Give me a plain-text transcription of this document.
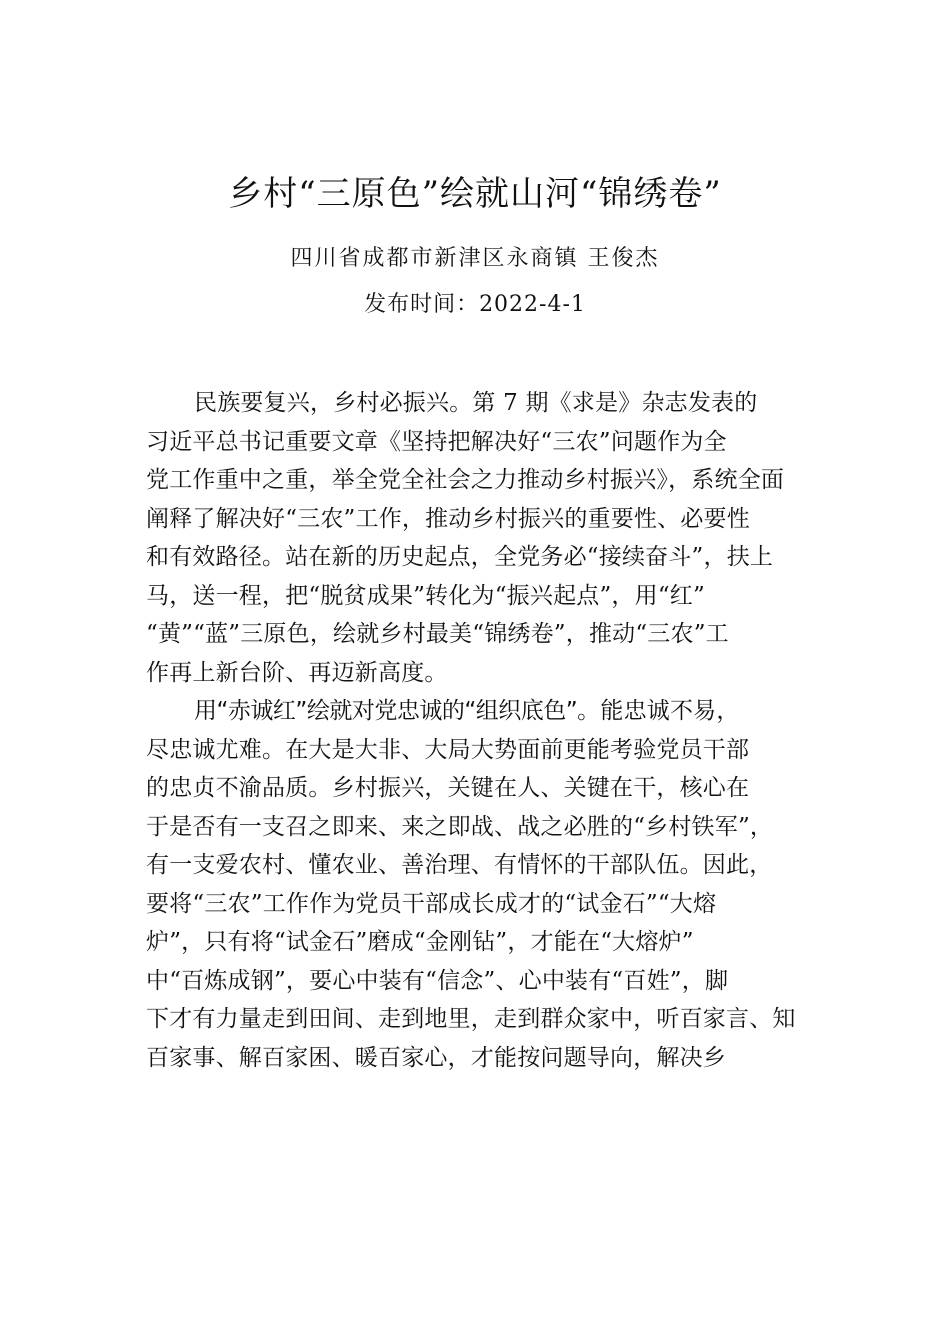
乡村“三原色”绘就山河“锦绣卷”
四川省成都市新津区永商镇 王俊杰
发布时间：2022-4-1
民族要复兴，乡村必振兴。第 7 期《求是》杂志发表的
习近平总书记重要文章《坚持把解决好“三农”问题作为全
党工作重中之重，举全党全社会之力推动乡村振兴》，系统全面
阐释了解决好“三农”工作，推动乡村振兴的重要性、必要性
和有效路径。站在新的历史起点，全党务必“接续奋斗”，扶上
马，送一程，把“脱贫成果”转化为“振兴起点”，用“红”
“黄”“蓝”三原色，绘就乡村最美“锦绣卷”，推动“三农”工
作再上新台阶、再迈新高度。
用“赤诚红”绘就对党忠诚的“组织底色”。能忠诚不易，
尽忠诚尤难。在大是大非、大局大势面前更能考验党员干部
的忠贞不渝品质。乡村振兴，关键在人、关键在干，核心在
于是否有一支召之即来、来之即战、战之必胜的“乡村铁军”，
有一支爱农村、懂农业、善治理、有情怀的干部队伍。因此，
要将“三农”工作作为党员干部成长成才的“试金石”“大熔
炉”，只有将“试金石”磨成“金刚钻”，才能在“大熔炉”
中“百炼成钢”，要心中装有“信念”、心中装有“百姓”，脚
下才有力量走到田间、走到地里，走到群众家中，听百家言、知
百家事、解百家困、暖百家心，才能按问题导向，解决乡
